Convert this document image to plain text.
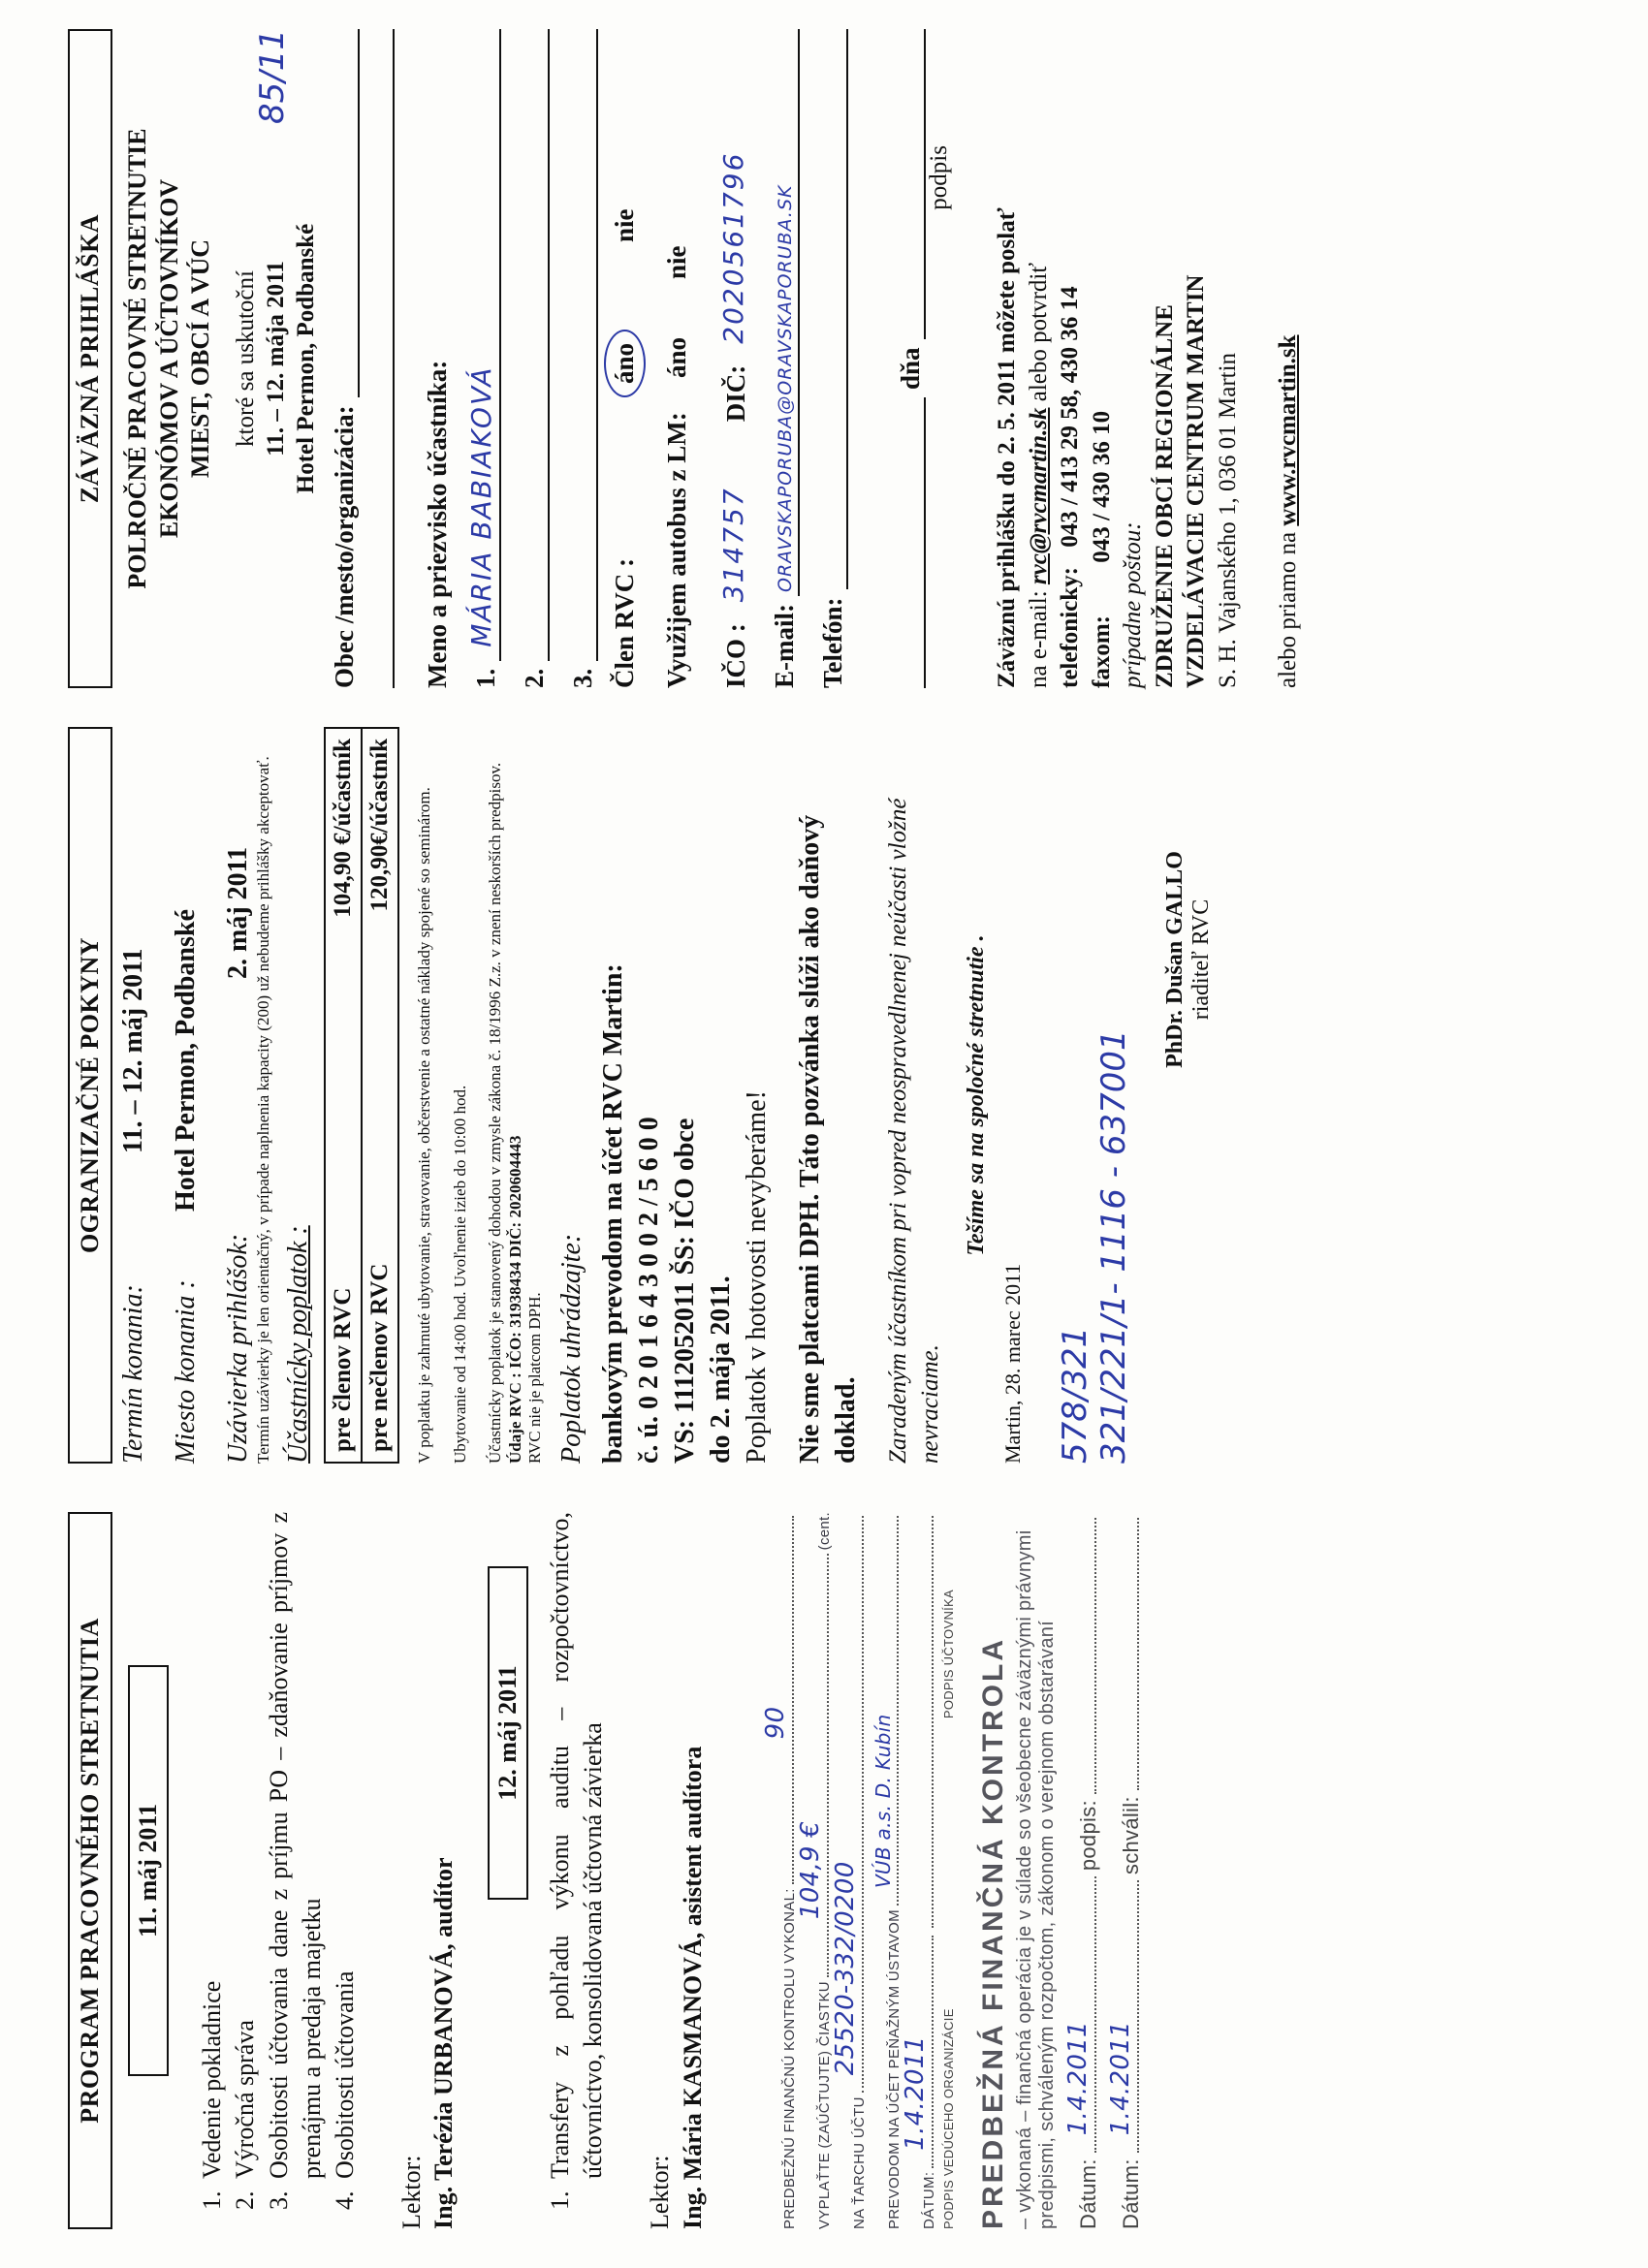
PROGRAM PRACOVNÉHO STRETNUTIA	11. máj 2011
1. Vedenie pokladnice 2. Výročná správa 3. Osobitosti účtovania dane z príjmu PO – zdaňovanie príjmov z prenájmu a predaja majetku 4. Osobitosti účtovania
Lektor: Ing. Terézia URBANOVÁ, audítor
12. máj 2011 1. Transfery z pohľadu výkonu auditu – rozpočtovníctvo, účtovníctvo, konsolidovaná účtovná závierka
Lektor: Ing. Mária KASMANOVÁ, asistent audítora	PREDBEŽNÚ FINANČNÚ KONTROLU VYKONAL:
90
VYPLAŤTE (ZAÚČTUJTE) ČIASTKU
104,9 €
(cent.
NA ŤARCHU ÚČTU
25520-332/0200 PREVODOM NA ÚČET PEŇAŽNÝM ÚSTAVOM
VÚB a.s. D. Kubín
DÁTUM:
1.4.2011 PODPIS VEDÚCEHO ORGANIZÁCIE
PODPIS ÚČTOVNÍKA PREDBEŽNÁ FINANČNÁ KONTROLA – vykonaná – finančná operácia je v súlade so všeobecne záväznými právnymi predpismi, schváleným rozpočtom, zákonom o verejnom obstarávaní Dátum:
1.4.2011
podpis:
Dátum:
1.4.2011
schválil:
OGRANIZAČNÉ POKYNY
Termín konania:
11. – 12. máj 2011
Miesto konania :
Hotel Permon, Podbanské
Uzávierka prihlášok:
2. máj 2011 Termín uzávierky je len orientačný, v prípade naplnenia kapacity (200) už nebudeme prihlášky akceptovať. Účastnícky poplatok : pre členov RVC
104,90 €/účastník
pre nečlenov RVC
120,90€/účastník V poplatku je zahrnuté ubytovanie, stravovanie, občerstvenie a ostatné náklady spojené so seminárom. Ubytovanie od 14:00 hod. Uvoľnenie izieb do 10:00 hod. Účastnícky poplatok je stanovený dohodou v zmysle zákona č. 18/1996 Z.z. v znení neskorších predpisov. Údaje RVC : IČO: 31938434 DIČ: 2020604443 RVC nie je platcom DPH. Poplatok uhrádzajte: bankovým prevodom na účet RVC Martin: č. ú. 0 2 0 1 6 4 3 0 0 2 / 5 6 0 0 VS: 1112052011 ŠS: IČO obce do 2. mája 2011. Poplatok v hotovosti nevyberáme! Nie sme platcami DPH. Táto pozvánka slúži ako daňový doklad. Zaradeným účastníkom pri vopred neospravedlnenej neúčasti vložné nevraciame.
Tešíme sa na spoločné stretnutie .
Martin, 28. marec 2011 578/321 321/221/1- 1116 - 637001
PhDr. Dušan GALLO riaditeľ RVC
ZÁVÄZNÁ PRIHLÁŠKA POLROČNÉ PRACOVNÉ STRETNUTIE EKONÓMOV A ÚČTOVNÍKOV MIEST, OBCÍ A VÚC ktoré sa uskutoční 11. – 12. mája 2011 Hotel Permon, Podbanské
85/11
Obec /mesto/organizácia: Meno a priezvisko účastníka: 1.
MÁRIA BABIAKOVÁ
2. 3. Člen RVC :
áno
nie
Využijem autobus z LM:
áno
nie
IČO :
314757
DIČ:
2020561796
E-mail:
ORAVSKAPORUBA@ORAVSKAPORUBA.SK
Telefón:
dňa
podpis
Záväznú prihlášku do 2. 5. 2011 môžete poslať na e-mail: rvc@rvcmartin.sk alebo potvrdiť
telefonicky: 043 / 413 29 58, 430 36 14
faxom: 043 / 430 36 10
prípadne poštou: ZDRUŽENIE OBCÍ REGIONÁLNE VZDELÁVACIE CENTRUM MARTIN S. H. Vajanského 1, 036 01 Martin alebo priamo na www.rvcmartin.sk
